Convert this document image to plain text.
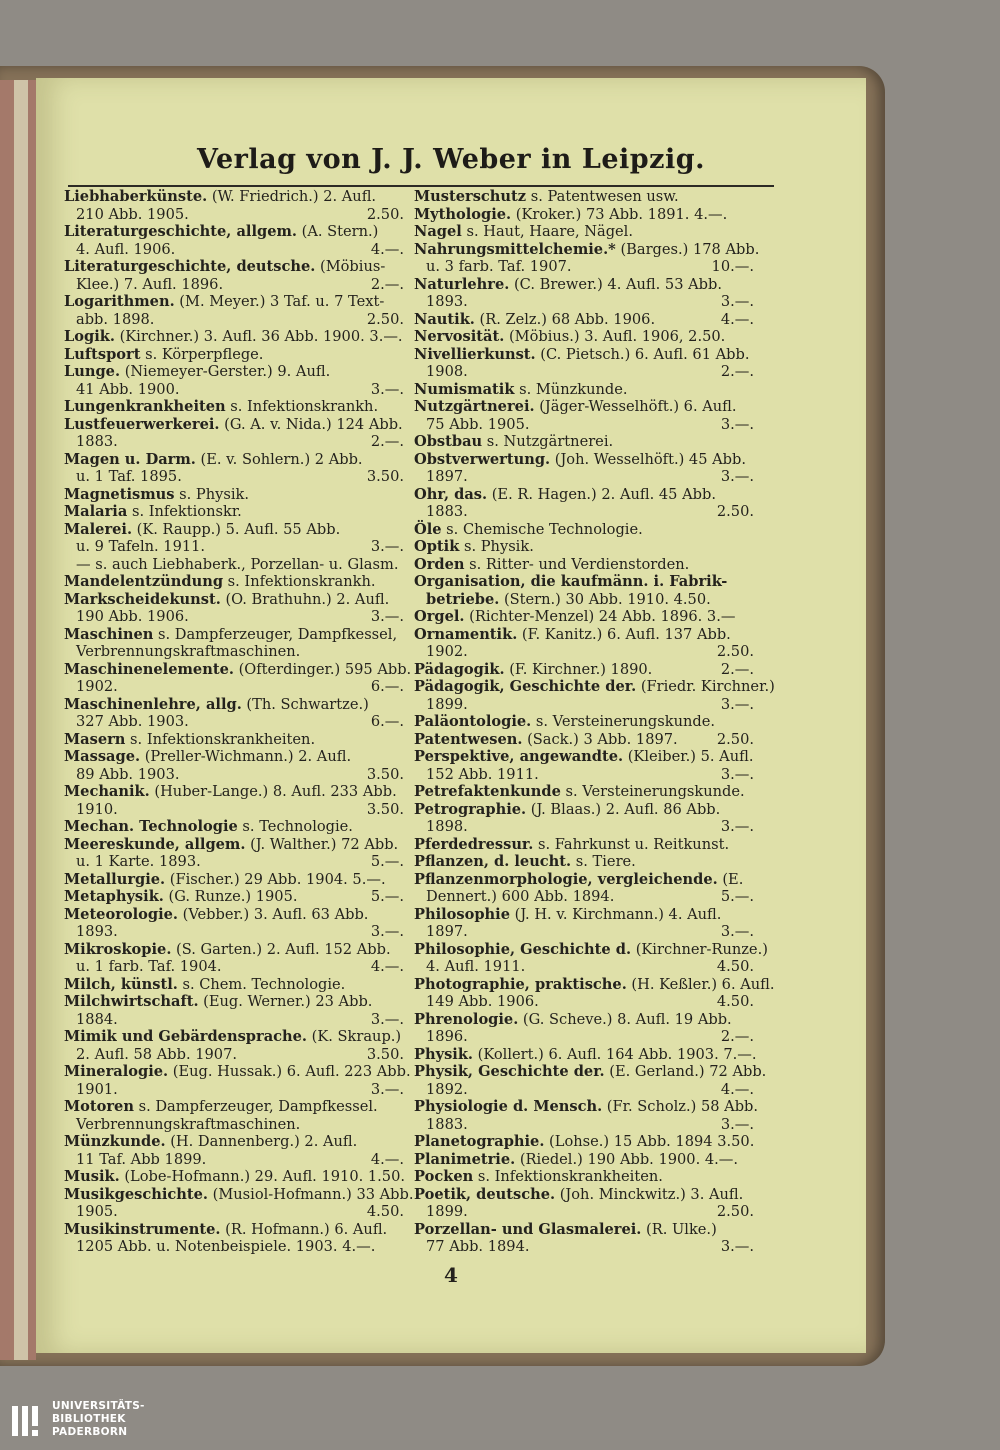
Verlag von J. J. Weber in Leipzig.
Liebhaberkünste. (W. Friedrich.) 2. Aufl.
210 Abb. 1905.	2.50.
Literaturgeschichte, allgem. (A. Stern.)
4. Aufl. 1906.	4.—.
Literaturgeschichte, deutsche. (Möbius-
Klee.) 7. Aufl. 1896.	2.—.
Logarithmen. (M. Meyer.) 3 Taf. u. 7 Text-
abb. 1898.	2.50.
Logik. (Kirchner.) 3. Aufl. 36 Abb. 1900. 3.—.
Luftsport s. Körperpflege.
Lunge. (Niemeyer-Gerster.) 9. Aufl.
41 Abb. 1900.	3.—.
Lungenkrankheiten s. Infektionskrankh.
Lustfeuerwerkerei. (G. A. v. Nida.) 124 Abb.
1883.	2.—.
Magen u. Darm. (E. v. Sohlern.) 2 Abb.
u. 1 Taf. 1895.	3.50.
Magnetismus s. Physik.
Malaria s. Infektionskr.
Malerei. (K. Raupp.) 5. Aufl. 55 Abb.
u. 9 Tafeln. 1911.	3.—.
— s. auch Liebhaberk., Porzellan- u. Glasm.
Mandelentzündung s. Infektionskrankh.
Markscheidekunst. (O. Brathuhn.) 2. Aufl.
190 Abb. 1906.	3.—.
Maschinen s. Dampferzeuger, Dampfkessel,
Verbrennungskraftmaschinen.
Maschinenelemente. (Ofterdinger.) 595 Abb.
1902.	6.—.
Maschinenlehre, allg. (Th. Schwartze.)
327 Abb. 1903.	6.—.
Masern s. Infektionskrankheiten.
Massage. (Preller-Wichmann.) 2. Aufl.
89 Abb. 1903.	3.50.
Mechanik. (Huber-Lange.) 8. Aufl. 233 Abb.
1910.	3.50.
Mechan. Technologie s. Technologie.
Meereskunde, allgem. (J. Walther.) 72 Abb.
u. 1 Karte. 1893.	5.—.
Metallurgie. (Fischer.) 29 Abb. 1904. 5.—.
Metaphysik. (G. Runze.) 1905.	5.—.
Meteorologie. (Vebber.) 3. Aufl. 63 Abb.
1893.	3.—.
Mikroskopie. (S. Garten.) 2. Aufl. 152 Abb.
u. 1 farb. Taf. 1904.	4.—.
Milch, künstl. s. Chem. Technologie.
Milchwirtschaft. (Eug. Werner.) 23 Abb.
1884.	3.—.
Mimik und Gebärdensprache. (K. Skraup.)
2. Aufl. 58 Abb. 1907.	3.50.
Mineralogie. (Eug. Hussak.) 6. Aufl. 223 Abb.
1901.	3.—.
Motoren s. Dampferzeuger, Dampfkessel.
Verbrennungskraftmaschinen.
Münzkunde. (H. Dannenberg.) 2. Aufl.
11 Taf. Abb 1899.	4.—.
Musik. (Lobe-Hofmann.) 29. Aufl. 1910. 1.50.
Musikgeschichte. (Musiol-Hofmann.) 33 Abb.
1905.	4.50.
Musikinstrumente. (R. Hofmann.) 6. Aufl.
1205 Abb. u. Notenbeispiele. 1903. 4.—.
Musterschutz s. Patentwesen usw.
Mythologie. (Kroker.) 73 Abb. 1891. 4.—.
Nagel s. Haut, Haare, Nägel.
Nahrungsmittelchemie.* (Barges.) 178 Abb.
u. 3 farb. Taf. 1907.	10.—.
Naturlehre. (C. Brewer.) 4. Aufl. 53 Abb.
1893.	3.—.
Nautik. (R. Zelz.) 68 Abb. 1906.	4.—.
Nervosität. (Möbius.) 3. Aufl. 1906, 2.50.
Nivellierkunst. (C. Pietsch.) 6. Aufl. 61 Abb.
1908.	2.—.
Numismatik s. Münzkunde.
Nutzgärtnerei. (Jäger-Wesselhöft.) 6. Aufl.
75 Abb. 1905.	3.—.
Obstbau s. Nutzgärtnerei.
Obstverwertung. (Joh. Wesselhöft.) 45 Abb.
1897.	3.—.
Ohr, das. (E. R. Hagen.) 2. Aufl. 45 Abb.
1883.	2.50.
Öle s. Chemische Technologie.
Optik s. Physik.
Orden s. Ritter- und Verdienstorden.
Organisation, die kaufmänn. i. Fabrik-
betriebe. (Stern.) 30 Abb. 1910. 4.50.
Orgel. (Richter-Menzel) 24 Abb. 1896. 3.—
Ornamentik. (F. Kanitz.) 6. Aufl. 137 Abb.
1902.	2.50.
Pädagogik. (F. Kirchner.) 1890.	2.—.
Pädagogik, Geschichte der. (Friedr. Kirchner.)
1899.	3.—.
Paläontologie. s. Versteinerungskunde.
Patentwesen. (Sack.) 3 Abb. 1897.	2.50.
Perspektive, angewandte. (Kleiber.) 5. Aufl.
152 Abb. 1911.	3.—.
Petrefaktenkunde s. Versteinerungskunde.
Petrographie. (J. Blaas.) 2. Aufl. 86 Abb.
1898.	3.—.
Pferdedressur. s. Fahrkunst u. Reitkunst.
Pflanzen, d. leucht. s. Tiere.
Pflanzenmorphologie, vergleichende. (E.
Dennert.) 600 Abb. 1894.	5.—.
Philosophie (J. H. v. Kirchmann.) 4. Aufl.
1897.	3.—.
Philosophie, Geschichte d. (Kirchner-Runze.)
4. Aufl. 1911.	4.50.
Photographie, praktische. (H. Keßler.) 6. Aufl.
149 Abb. 1906.	4.50.
Phrenologie. (G. Scheve.) 8. Aufl. 19 Abb.
1896.	2.—.
Physik. (Kollert.) 6. Aufl. 164 Abb. 1903. 7.—.
Physik, Geschichte der. (E. Gerland.) 72 Abb.
1892.	4.—.
Physiologie d. Mensch. (Fr. Scholz.) 58 Abb.
1883.	3.—.
Planetographie. (Lohse.) 15 Abb. 1894 3.50.
Planimetrie. (Riedel.) 190 Abb. 1900. 4.—.
Pocken s. Infektionskrankheiten.
Poetik, deutsche. (Joh. Minckwitz.) 3. Aufl.
1899.	2.50.
Porzellan- und Glasmalerei. (R. Ulke.)
77 Abb. 1894.	3.—.
4
UNIVERSITÄTS-
BIBLIOTHEK
PADERBORN
